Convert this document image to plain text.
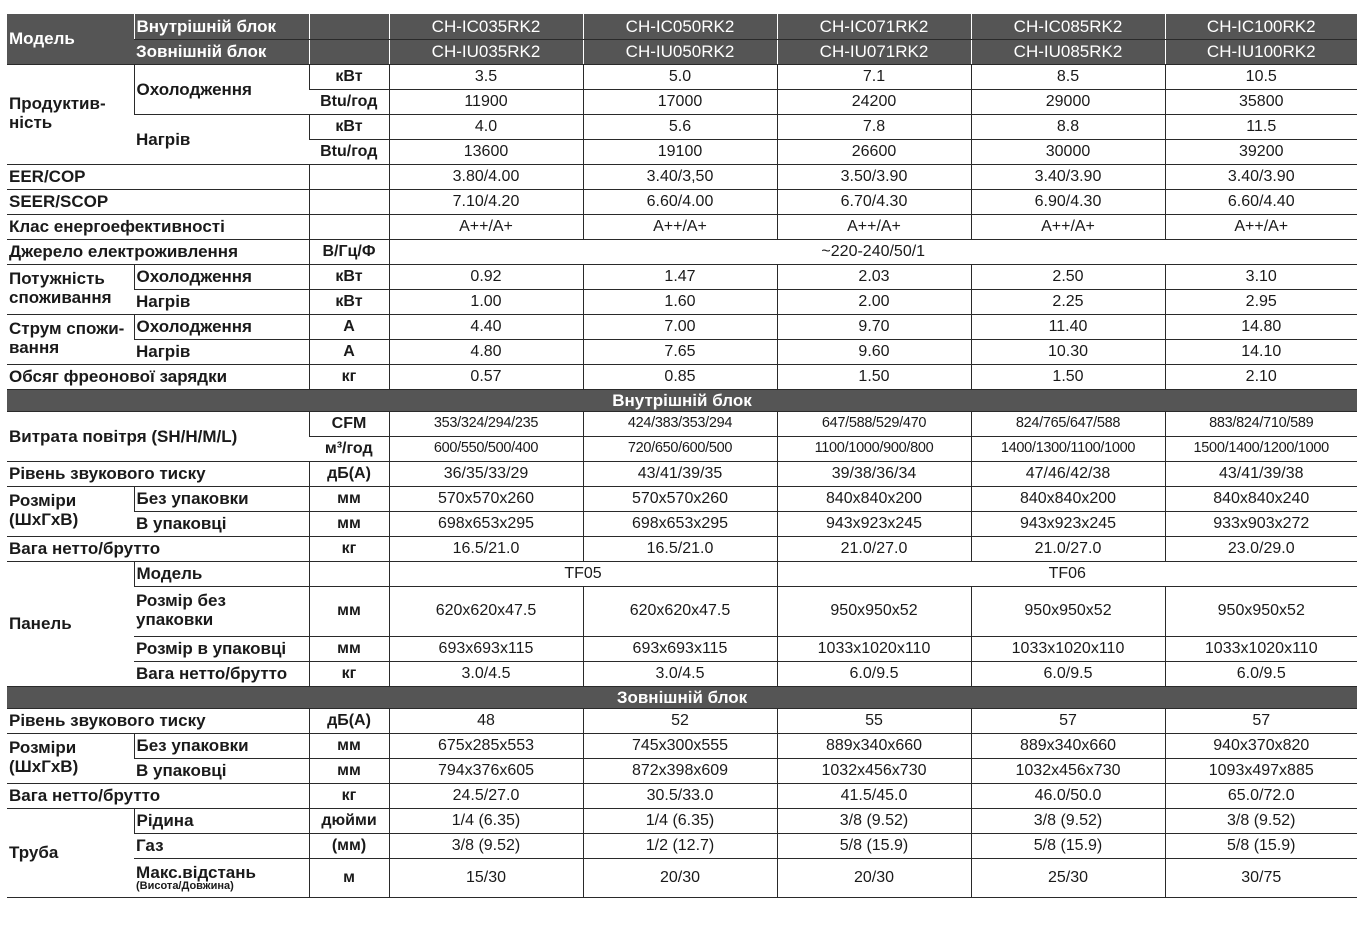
Модель	Внутрішній блок		CH-IC035RK2	CH-IC050RK2	CH-IC071RK2	CH-IC085RK2	CH-IC100RK2
	Зовнішній блок		CH-IU035RK2	CH-IU050RK2	CH-IU071RK2	CH-IU085RK2	CH-IU100RK2
Продуктив-ність	Охолодження	кВт	3.5	5.0	7.1	8.5	10.5
		Btu/год	11900	17000	24200	29000	35800
	Нагрів	кВт	4.0	5.6	7.8	8.8	11.5
		Btu/год	13600	19100	26600	30000	39200
EER/COP			3.80/4.00	3.40/3,50	3.50/3.90	3.40/3.90	3.40/3.90
SEER/SCOP			7.10/4.20	6.60/4.00	6.70/4.30	6.90/4.30	6.60/4.40
Клас енергоефективності			A++/A+	A++/A+	A++/A+	A++/A+	A++/A+
Джерело електроживлення		В/Гц/Ф	~220-240/50/1				
Потужність споживання	Охолодження	кВт	0.92	1.47	2.03	2.50	3.10
	Нагрів	кВт	1.00	1.60	2.00	2.25	2.95
Струм спожи-вання	Охолодження	А	4.40	7.00	9.70	11.40	14.80
	Нагрів	А	4.80	7.65	9.60	10.30	14.10
Обсяг фреонової зарядки		кг	0.57	0.85	1.50	1.50	2.10
Внутрішній блок							
Витрата повітря (SH/H/M/L)		CFM	353/324/294/235	424/383/353/294	647/588/529/470	824/765/647/588	883/824/710/589
		м³/год	600/550/500/400	720/650/600/500	1100/1000/900/800	1400/1300/1100/1000	1500/1400/1200/1000
Рівень звукового тиску		дБ(А)	36/35/33/29	43/41/39/35	39/38/36/34	47/46/42/38	43/41/39/38
Розміри (ШхГхВ)	Без упаковки	мм	570x570x260	570x570x260	840x840x200	840x840x200	840x840x240
	В упаковці	мм	698x653x295	698x653x295	943x923x245	943x923x245	933x903x272
Вага нетто/брутто		кг	16.5/21.0	16.5/21.0	21.0/27.0	21.0/27.0	23.0/29.0
Панель	Модель		TF05		TF06		
	Розмір без упаковки	мм	620x620x47.5	620x620x47.5	950x950x52	950x950x52	950x950x52

	Розмір в упаковці	мм	693x693x115	693x693x115	1033x1020x110	1033x1020x110	1033x1020x110
	Вага нетто/брутто	кг	3.0/4.5	3.0/4.5	6.0/9.5	6.0/9.5	6.0/9.5
Зовнішній блок							
Рівень звукового тиску		дБ(А)	48	52	55	57	57
Розміри (ШхГхВ)	Без упаковки	мм	675x285x553	745x300x555	889x340x660	889x340x660	940x370x820
	В упаковці	мм	794x376x605	872x398x609	1032x456x730	1032x456x730	1093x497x885
Вага нетто/брутто		кг	24.5/27.0	30.5/33.0	41.5/45.0	46.0/50.0	65.0/72.0
Труба	Рідина	дюйми	1/4 (6.35)	1/4 (6.35)	3/8 (9.52)	3/8 (9.52)	3/8 (9.52)
	Газ	(мм)	3/8 (9.52)	1/2 (12.7)	5/8 (15.9)	5/8 (15.9)	5/8 (15.9)
	Макс.відстань
(Висота/Довжина)	м	15/30	20/30	20/30	25/30	30/75
